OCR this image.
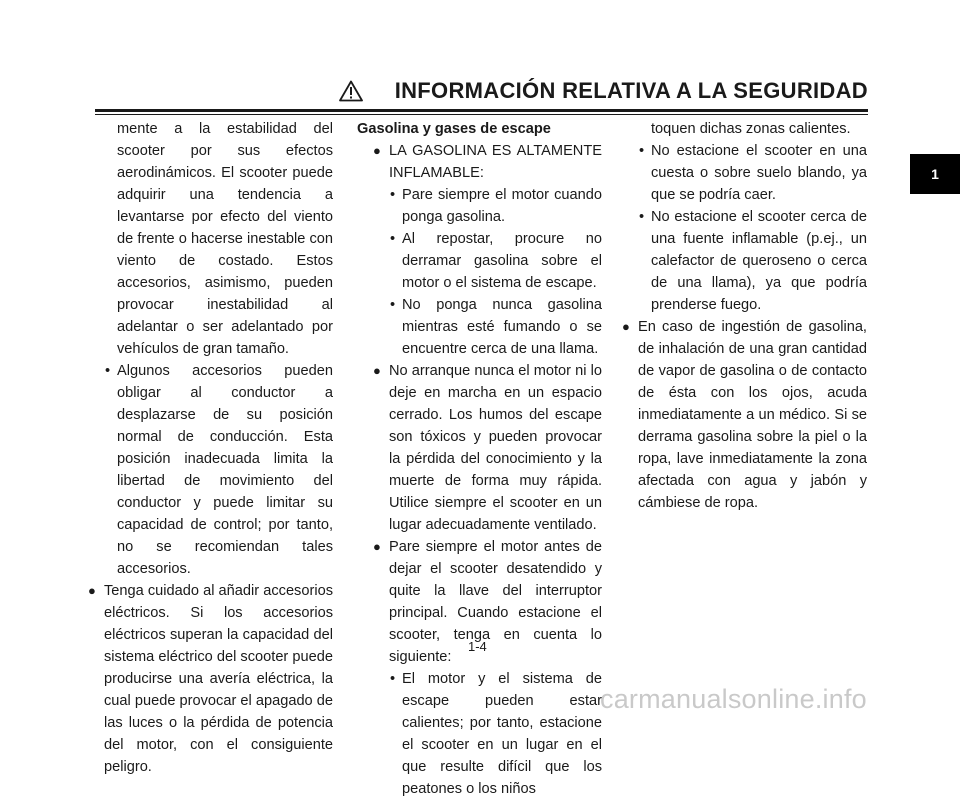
INFORMACIÓN RELATIVA A LA SEGURIDAD

mente a la estabilidad del scooter por sus efectos aerodinámicos. El scooter puede adquirir una tendencia a levantarse por efecto del viento de frente o hacerse inestable con viento de costado. Estos accesorios, asimismo, pueden provocar inestabilidad al adelantar o ser adelantado por vehículos de gran tamaño.

• Algunos accesorios pueden obligar al conductor a desplazarse de su posición normal de conducción. Esta posición inadecuada limita la libertad de movimiento del conductor y puede limitar su capacidad de control; por tanto, no se recomiendan tales accesorios.
● Tenga cuidado al añadir accesorios eléctricos. Si los accesorios eléctricos superan la capacidad del sistema eléctrico del scooter puede producirse una avería eléctrica, la cual puede provocar el apagado de las luces o la pérdida de potencia del motor, con el consiguiente peligro.

Gasolina y gases de escape

● LA GASOLINA ES ALTAMENTE INFLAMABLE:
• Pare siempre el motor cuando ponga gasolina.
• Al repostar, procure no derramar gasolina sobre el motor o el sistema de escape.
• No ponga nunca gasolina mientras esté fumando o se encuentre cerca de una llama.
● No arranque nunca el motor ni lo deje en marcha en un espacio cerrado. Los humos del escape son tóxicos y pueden provocar la pérdida del conocimiento y la muerte de forma muy rápida. Utilice siempre el scooter en un lugar adecuadamente ventilado.
● Pare siempre el motor antes de dejar el scooter desatendido y quite la llave del interruptor principal. Cuando estacione el scooter, tenga en cuenta lo siguiente:
• El motor y el sistema de escape pueden estar calientes; por tanto, estacione el scooter en un lugar en el que resulte difícil que los peatones o los niños

toquen dichas zonas calientes.

• No estacione el scooter en una cuesta o sobre suelo blando, ya que se podría caer.
• No estacione el scooter cerca de una fuente inflamable (p.ej., un calefactor de queroseno o cerca de una llama), ya que podría prenderse fuego.
● En caso de ingestión de gasolina, de inhalación de una gran cantidad de vapor de gasolina o de contacto de ésta con los ojos, acuda inmediatamente a un médico. Si se derrama gasolina sobre la piel o la ropa, lave inmediatamente la zona afectada con agua y jabón y cámbiese de ropa.
1-4
1
carmanualsonline.info
